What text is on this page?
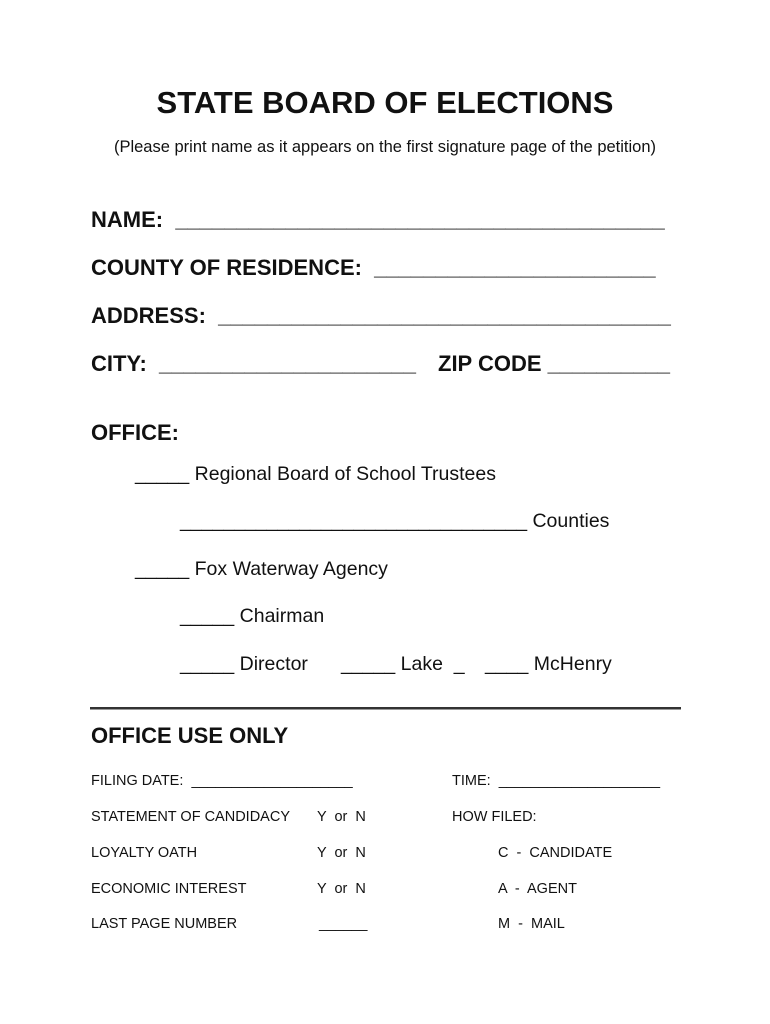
STATE BOARD OF ELECTIONS
(Please print name as it appears on the first signature page of the petition)
NAME:  ________________________________________
COUNTY OF RESIDENCE:  _______________________
ADDRESS:  _____________________________________
CITY:  _____________________ ZIP CODE __________
OFFICE:
_____ Regional Board of School Trustees
________________________________ Counties
_____ Fox Waterway Agency
_____ Chairman
_____ Director _____ Lake  _ ____ McHenry
OFFICE USE ONLY
FILING DATE:  ____________________	TIME:  ____________________
STATEMENT OF CANDIDACY Y  or  N	HOW FILED:
LOYALTY OATH	Y  or  N	C  -  CANDIDATE
ECONOMIC INTEREST	Y  or  N	A  -  AGENT
LAST PAGE NUMBER	______	M  -  MAIL
